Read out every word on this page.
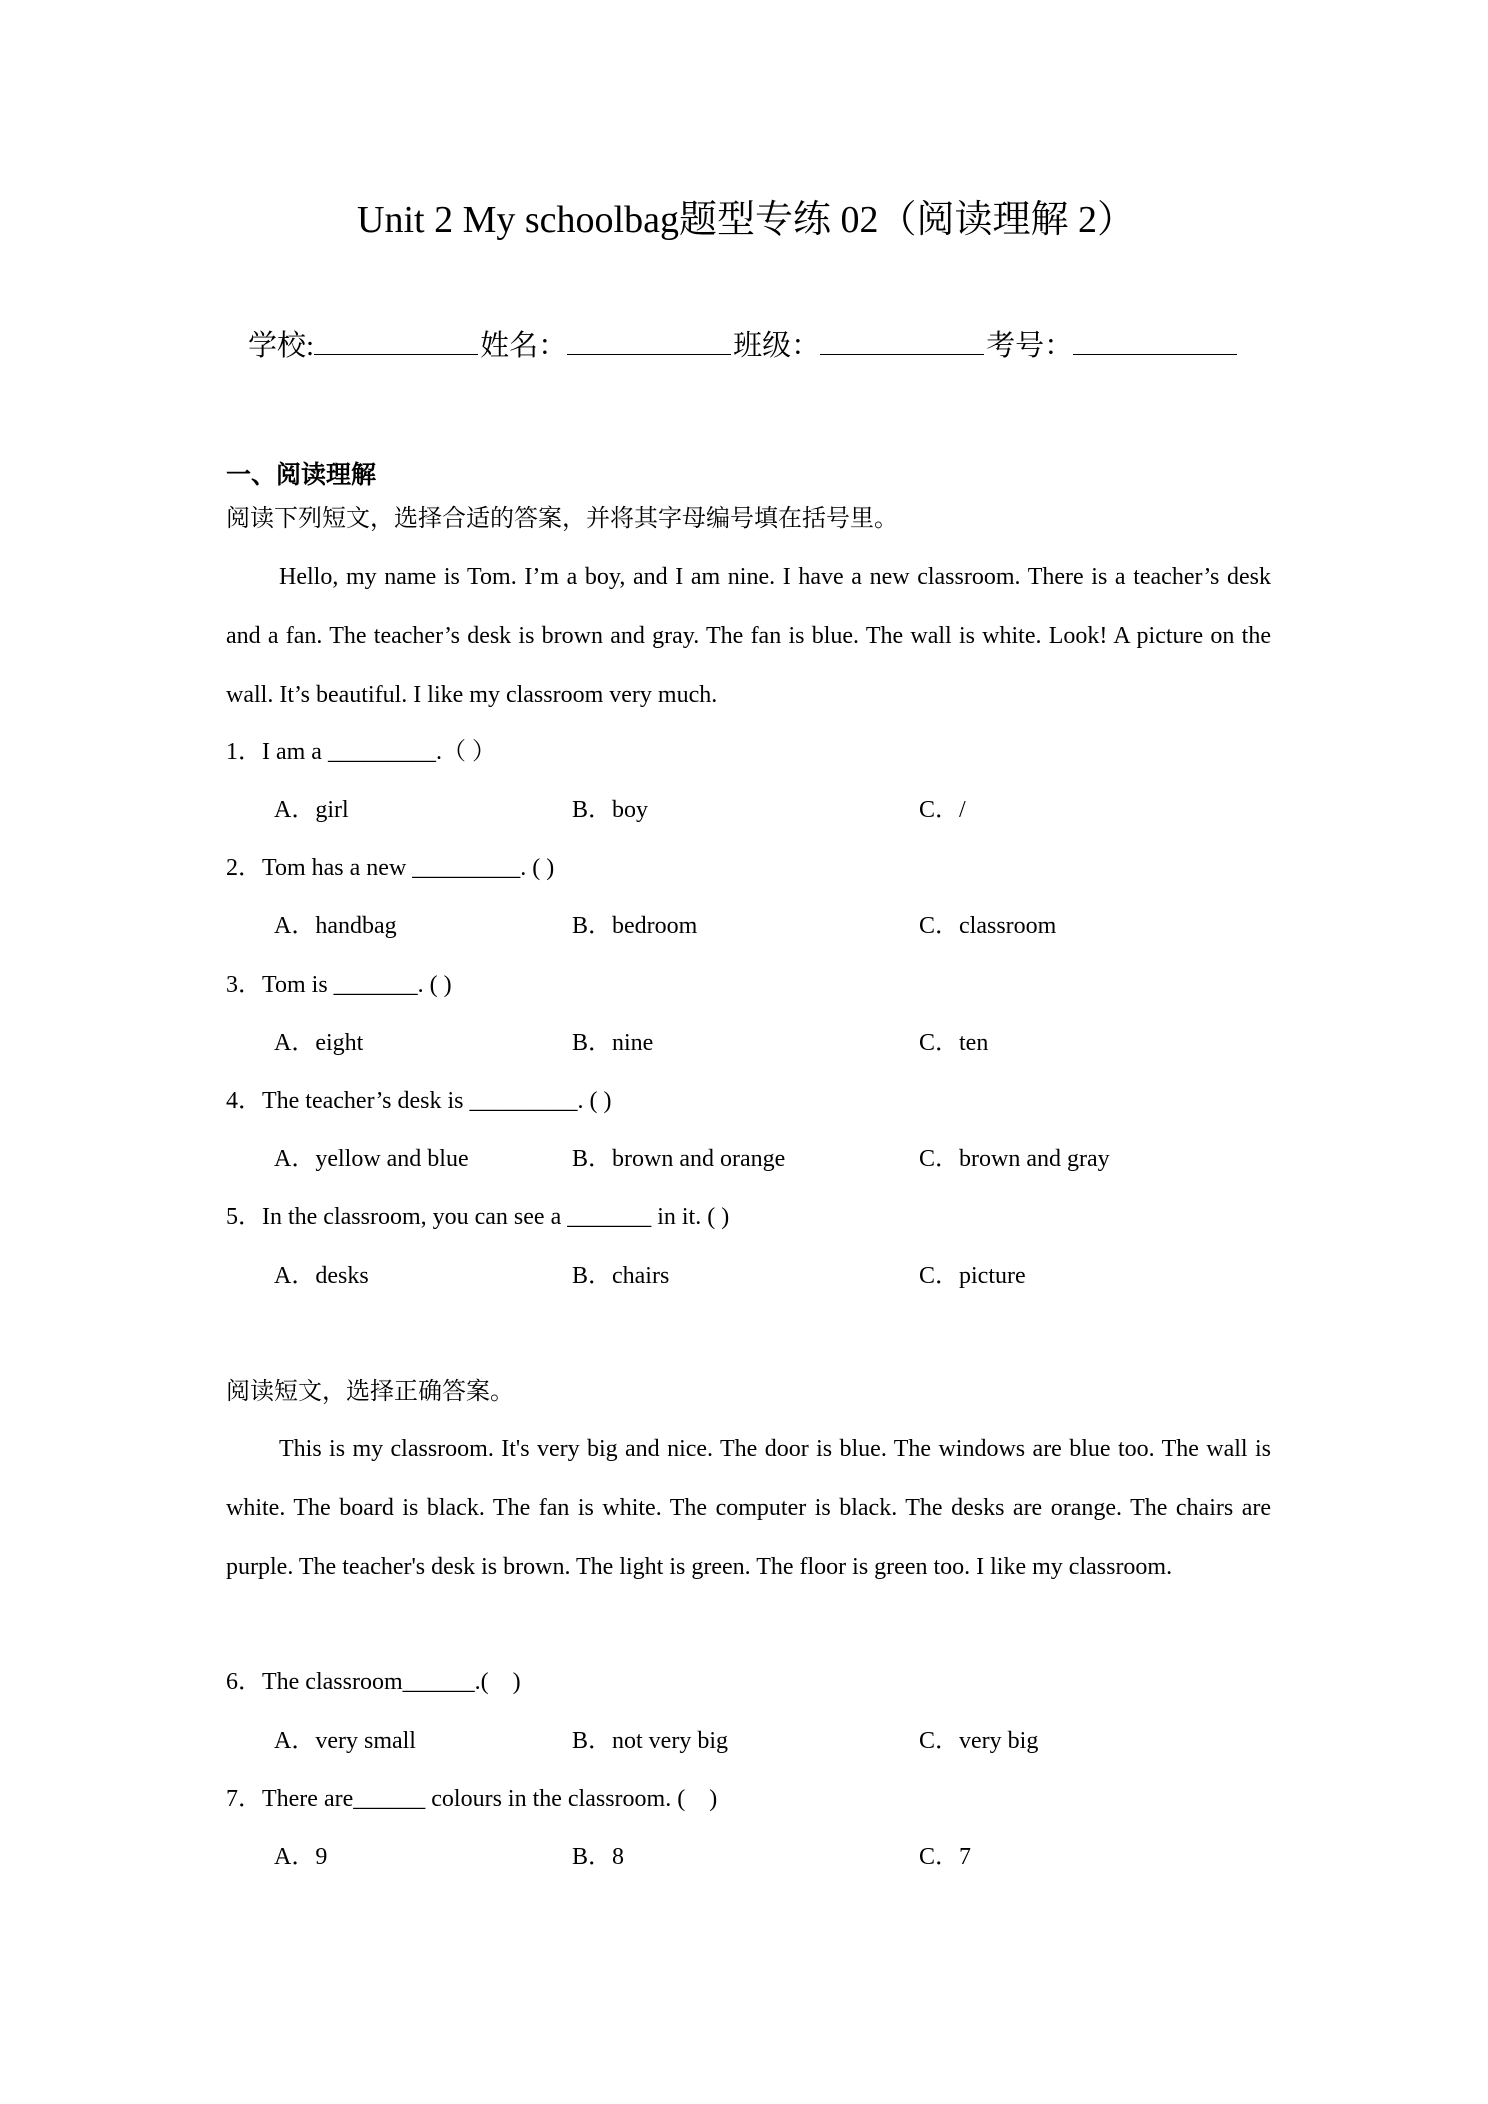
Unit 2 My schoolbag题型专练 02（阅读理解 2）
学校:	姓名：	班级：	考号：
一、阅读理解
阅读下列短文，选择合适的答案，并将其字母编号填在括号里。
Hello, my name is Tom. I’m a boy, and I am nine. I have a new classroom. There is a teacher’s desk and a fan. The teacher’s desk is brown and gray. The fan is blue. The wall is white. Look! A picture on the wall. It’s beautiful. I like my classroom very much.
1．I am a _________.（ ）
A．girl	B．boy	C．/
2．Tom has a new _________. ( )
A．handbag	B．bedroom	C．classroom
3．Tom is _______. ( )
A．eight	B．nine	C．ten
4．The teacher’s desk is _________. ( )
A．yellow and blue	B．brown and orange	C．brown and gray
5．In the classroom, you can see a _______ in it. ( )
A．desks	B．chairs	C．picture
阅读短文，选择正确答案。
This is my classroom. It's very big and nice. The door is blue. The windows are blue too. The wall is white. The board is black. The fan is white. The computer is black. The desks are orange. The chairs are purple. The teacher's desk is brown. The light is green. The floor is green too. I like my classroom.
6．The classroom______.(    )
A．very small	B．not very big	C．very big
7．There are______ colours in the classroom. (    )
A．9	B．8	C．7
